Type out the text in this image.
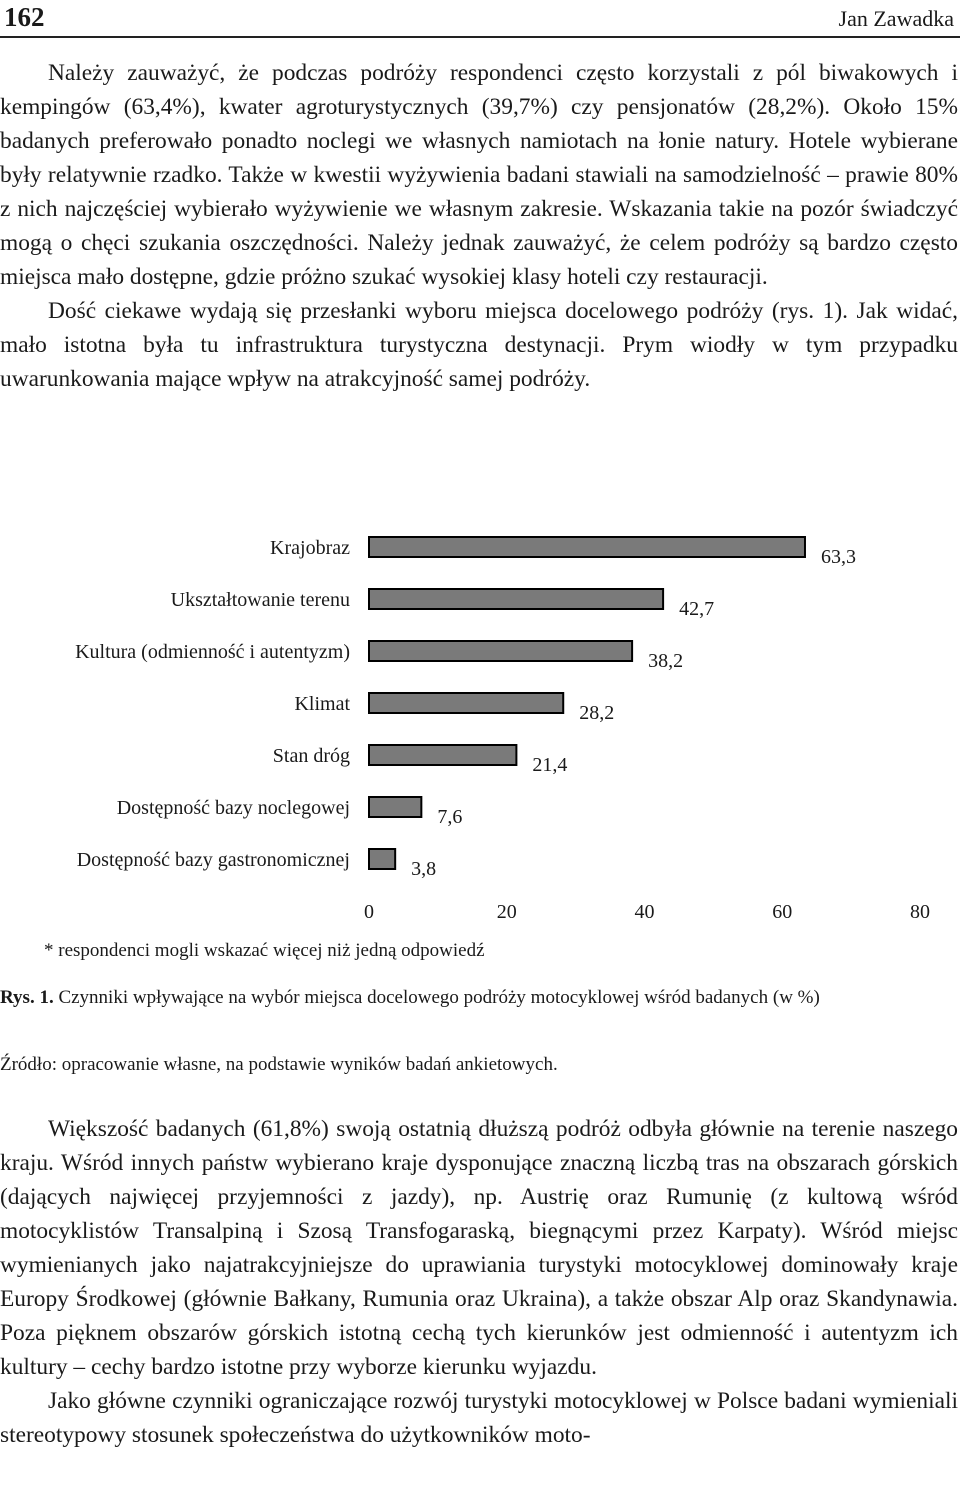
162	Jan Zawadka

Należy zauważyć, że podczas podróży respondenci często korzystali z pól biwakowych i kempingów (63,4%), kwater agroturystycznych (39,7%) czy pensjonatów (28,2%). Około 15% badanych preferowało ponadto noclegi we własnych namiotach na łonie natury. Hotele wybierane były relatywnie rzadko. Także w kwestii wyżywienia badani stawiali na samodzielność – prawie 80% z nich najczęściej wybierało wyżywienie we własnym zakresie. Wskazania takie na pozór świadczyć mogą o chęci szukania oszczędności. Należy jednak zauważyć, że celem podróży są bardzo często miejsca mało dostępne, gdzie próżno szukać wysokiej klasy hoteli czy restauracji.

Dość ciekawe wydają się przesłanki wyboru miejsca docelowego podróży (rys. 1). Jak widać, mało istotna była tu infrastruktura turystyczna destynacji. Prym wiodły w tym przypadku uwarunkowania mające wpływ na atrakcyjność samej podróży.

Krajobraz	63,3
Ukształtowanie terenu	42,7
Kultura (odmienność i autentyzm)	38,2
Klimat	28,2
Stan dróg	21,4
Dostępność bazy noclegowej	7,6
Dostępność bazy gastronomicznej	3,8
0	20	40	60	80
* respondenci mogli wskazać więcej niż jedną odpowiedź
Rys. 1. Czynniki wpływające na wybór miejsca docelowego podróży motocyklowej wśród badanych (w %)
Źródło: opracowanie własne, na podstawie wyników badań ankietowych.

Większość badanych (61,8%) swoją ostatnią dłuższą podróż odbyła głównie na terenie naszego kraju. Wśród innych państw wybierano kraje dysponujące znaczną liczbą tras na obszarach górskich (dających najwięcej przyjemności z jazdy), np. Austrię oraz Rumunię (z kultową wśród motocyklistów Transalpiną i Szosą Transfogaraską, biegnącymi przez Karpaty). Wśród miejsc wymienianych jako najatrakcyjniejsze do uprawiania turystyki motocyklowej dominowały kraje Europy Środkowej (głównie Bałkany, Rumunia oraz Ukraina), a także obszar Alp oraz Skandynawia. Poza pięknem obszarów górskich istotną cechą tych kierunków jest odmienność i autentyzm ich kultury – cechy bardzo istotne przy wyborze kierunku wyjazdu.

Jako główne czynniki ograniczające rozwój turystyki motocyklowej w Polsce badani wymieniali stereotypowy stosunek społeczeństwa do użytkowników moto-
